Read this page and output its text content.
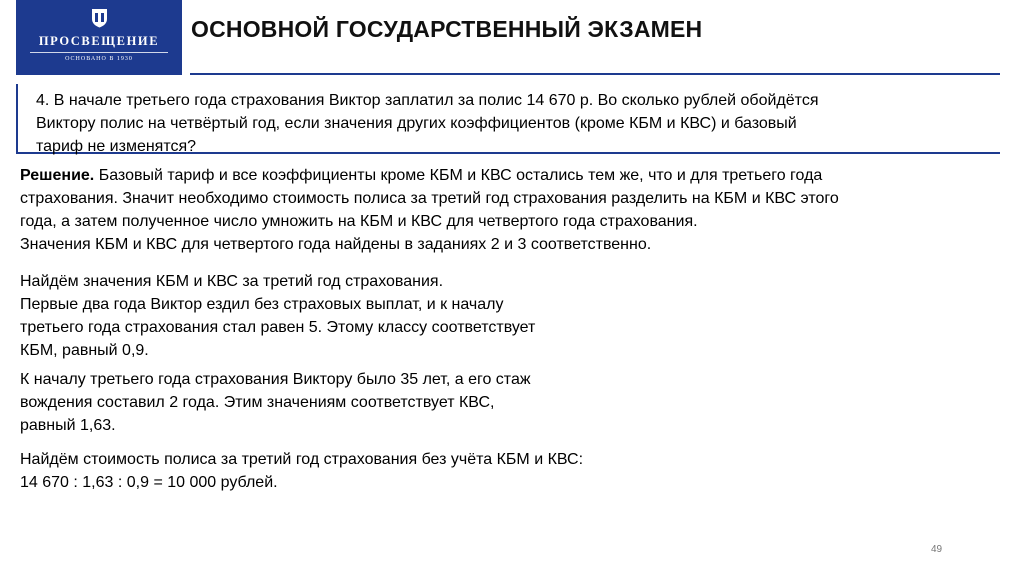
ПРОСВЕЩЕНИЕ
ОСНОВАНО В 1930
ОСНОВНОЙ ГОСУДАРСТВЕННЫЙ ЭКЗАМЕН

4. В начале третьего года страхования Виктор заплатил за полис 14 670 р. Во сколько рублей обойдётся
Виктору полис на четвёртый год, если значения других коэффициентов (кроме КБМ и КВС) и базовый
тариф не изменятся?

Решение. Базовый тариф и все коэффициенты кроме КБМ и КВС остались тем же, что и для третьего года
страхования. Значит необходимо стоимость полиса за третий год страхования разделить на КБМ и КВС этого
года, а затем полученное число умножить на КБМ и КВС для четвертого года страхования.
Значения КБМ и КВС для четвертого года найдены в заданиях 2 и 3 соответственно.

Найдём значения КБМ и КВС за третий год страхования.
Первые два года Виктор ездил без страховых выплат, и к началу
третьего года страхования стал равен 5. Этому классу соответствует
КБМ, равный 0,9.

К началу третьего года страхования Виктору было 35 лет, а его стаж
вождения составил 2 года. Этим значениям соответствует КВС,
равный 1,63.

Найдём стоимость полиса за третий год страхования без учёта КБМ и КВС:
14 670 : 1,63 : 0,9 = 10 000 рублей.

49
